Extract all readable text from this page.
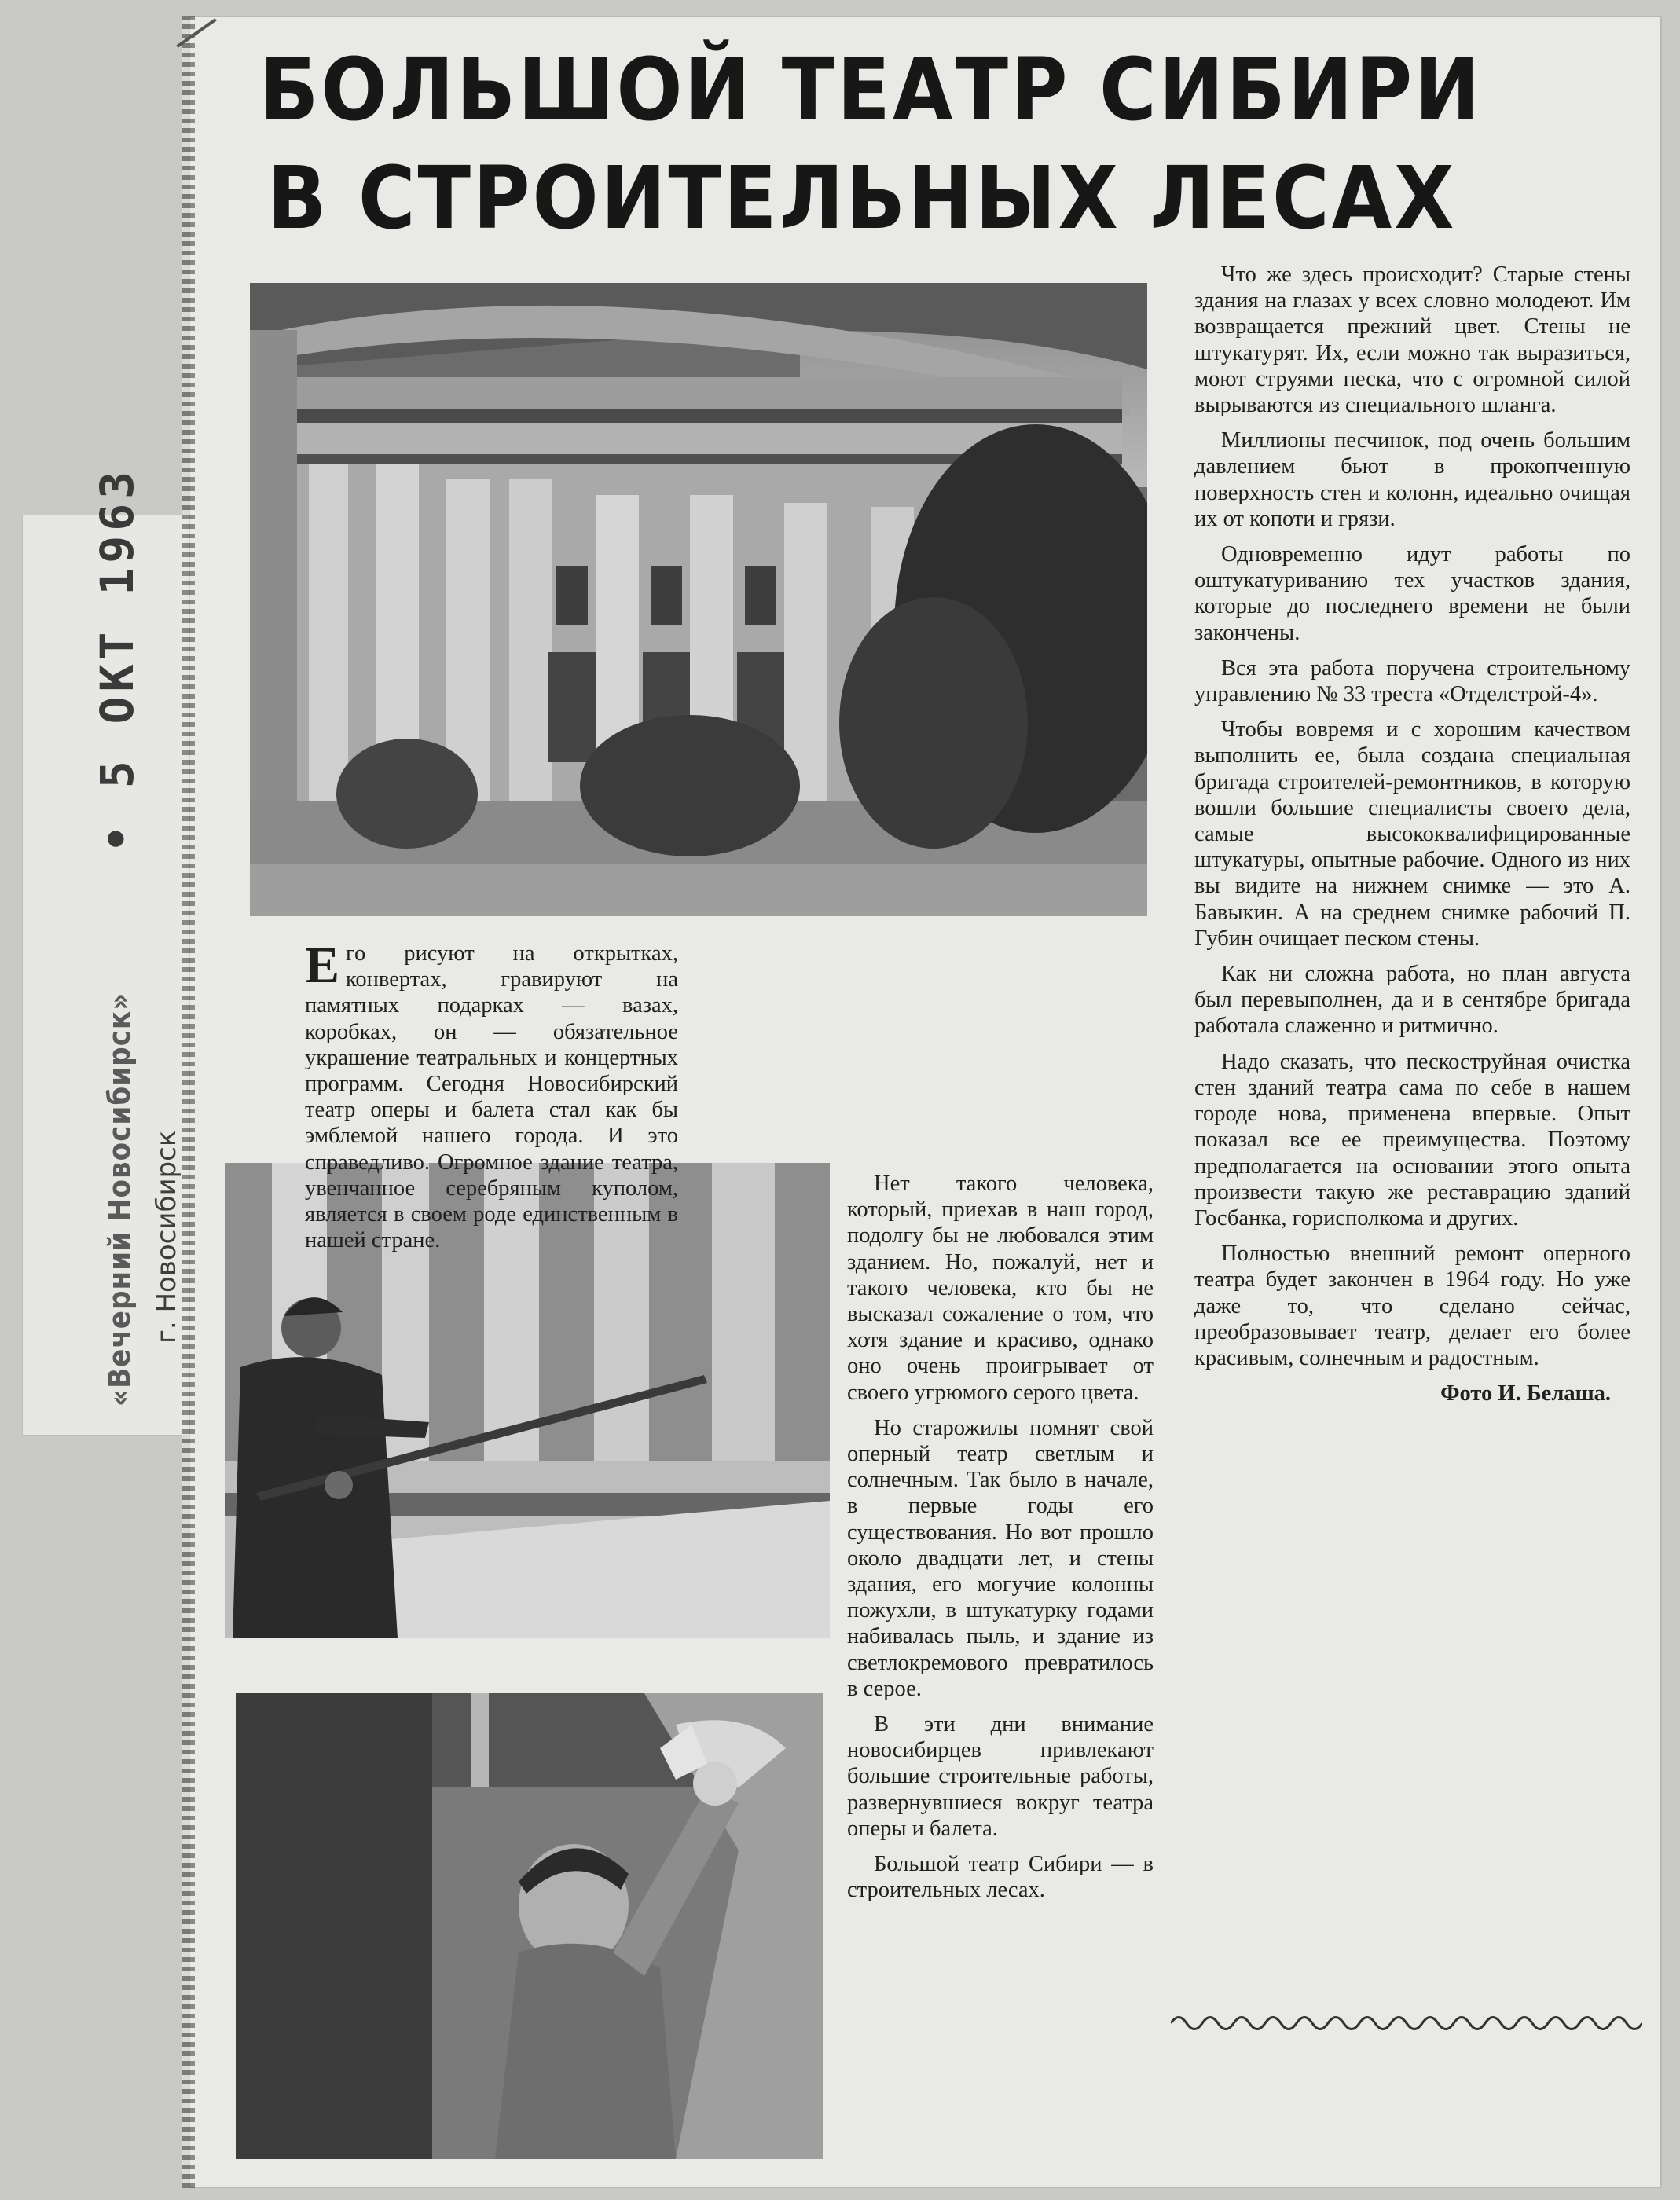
• 5 ОКТ 1963
«Вечерний Новосибирск» г. Новосибирск
БОЛЬШОЙ ТЕАТР СИБИРИ
В СТРОИТЕЛЬНЫХ ЛЕСАХ

Его рисуют на открытках, конвертах, гравируют на памятных подарках — вазах, коробках, он — обязательное украшение театральных и концертных программ. Сегодня Новосибирский театр оперы и балета стал как бы эмблемой нашего города. И это справедливо. Огромное здание театра, увенчанное серебряным куполом, является в своем роде единственным в нашей стране.

Нет такого человека, который, приехав в наш город, подолгу бы не любовался этим зданием. Но, пожалуй, нет и такого человека, кто бы не высказал сожаление о том, что хотя здание и красиво, однако оно очень проигрывает от своего угрюмого серого цвета.

Но старожилы помнят свой оперный театр светлым и солнечным. Так было в начале, в первые годы его существования. Но вот прошло около двадцати лет, и стены здания, его могучие колонны пожухли, в штукатурку годами набивалась пыль, и здание из светлокремового превратилось в серое.

В эти дни внимание новосибирцев привлекают большие строительные работы, развернувшиеся вокруг театра оперы и балета.

Большой театр Сибири — в строительных лесах.

Что же здесь происходит? Старые стены здания на глазах у всех словно молодеют. Им возвращается прежний цвет. Стены не штукатурят. Их, если можно так выразиться, моют струями песка, что с огромной силой вырываются из специального шланга.

Миллионы песчинок, под очень большим давлением бьют в прокопченную поверхность стен и колонн, идеально очищая их от копоти и грязи.

Одновременно идут работы по оштукатуриванию тех участков здания, которые до последнего времени не были закончены.

Вся эта работа поручена строительному управлению № 33 треста «Отделстрой-4».

Чтобы вовремя и с хорошим качеством выполнить ее, была создана специальная бригада строителей-ремонтников, в которую вошли большие специалисты своего дела, самые высококвалифицированные штукатуры, опытные рабочие. Одного из них вы видите на нижнем снимке — это А. Бавыкин. А на среднем снимке рабочий П. Губин очищает песком стены.

Как ни сложна работа, но план августа был перевыполнен, да и в сентябре бригада работала слаженно и ритмично.

Надо сказать, что пескоструйная очистка стен зданий театра сама по себе в нашем городе нова, применена впервые. Опыт показал все ее преимущества. Поэтому предполагается на основании этого опыта произвести такую же реставрацию зданий Госбанка, горисполкома и других.

Полностью внешний ремонт оперного театра будет закончен в 1964 году. Но уже даже то, что сделано сейчас, преобразовывает театр, делает его более красивым, солнечным и радостным.

Фото И. Белаша.
